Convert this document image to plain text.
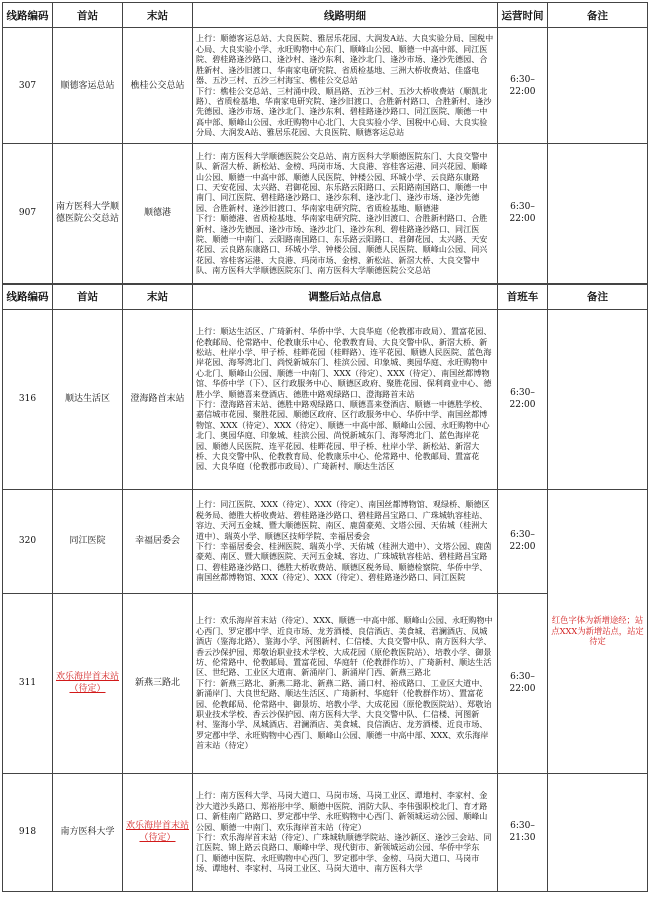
线路编码	首站	末站	线路明细	运营时间	备注
307	顺德客运总站	樵桂公交总站	上行：顺德客运总站、大良医院、雅居乐花园、大润发A站、大良实验分局、国税中心局、大良实验小学、永旺购物中心东门、顺峰山公园、顺德一中高中部、同江医院、碧桂路逢沙路口、逢沙村、逢沙东利、逢沙北门、逢沙市场、逢沙先德园、合胜新村、逢沙旧渡口、华南家电研究院、省质检基地、三洲大桥收费站、佳盛电器、五沙三村、五沙三村海宝、樵桂公交总站

下行：樵桂公交总站、三村涌中段、顺昌路、五沙三村、五沙大桥收费站（顺凯北路）、省质检基地、华南家电研究院、逢沙旧渡口、合胜新村路口、合胜新村、逢沙先德园、逢沙市场、逢沙北门、逢沙东利、碧桂路逢沙路口、同江医院、顺德一中高中部、顺峰山公园、永旺购物中心北门、大良实验小学、国税中心局、大良实验分局、大润发A站、雅居乐花园、大良医院、顺德客运总站	6:30–22:00	
907	南方医科大学顺德医院公交总站	顺德港	上行：南方医科大学顺德医院公交总站、南方医科大学顺德医院东门、大良交警中队、新滘大桥、新松站、金榜、玛岗市场、大良港、容桂客运港、同兴花园、顺峰山公园、顺德一中高中部、顺德人民医院、钟楼公园、环城小学、云良路东康路口、天安花园、太兴路、君御花园、东乐路云阳路口、云阳路南国路口、顺德一中南门、同江医院、碧桂路逢沙路口、逢沙东利、逢沙北门、逢沙市场、逢沙先德园、合胜新村、逢沙旧渡口、华南家电研究院、省质检基地、顺德港

下行：顺德港、省质检基地、华南家电研究院、逢沙旧渡口、合胜新村路口、合胜新村、逢沙先德园、逢沙市场、逢沙北门、逢沙东利、碧桂路逢沙路口、同江医院、顺德一中南门、云阳路南国路口、东乐路云阳路口、君御花园、太兴路、天安花园、云良路东康路口、环城小学、钟楼公园、顺德人民医院、顺峰山公园、同兴花园、容桂客运港、大良港、玛岗市场、金榜、新松站、新滘大桥、大良交警中队、南方医科大学顺德医院东门、南方医科大学顺德医院公交总站	6:30–22:00	
线路编码	首站	末站	调整后站点信息	首班车	备注
316	顺达生活区	澄海路首末站	上行：顺达生活区、广琦新村、华侨中学、大良华庭（伦教郡市政局）、置富花园、伦教邮局、伦常路中、伦教康乐中心、伦教教育局、大良交警中队、新滘大桥、新松站、杜岸小学、甲子桥、桂畔花园（桂畔路）、连平花园、顺德人民医院、蓝色海岸花园、海琴湾北门、尚悦新城东门、桂滨公园、印象城、奥园华庭、永旺购物中心北门、顺峰山公园、顺德一中南门、XXX（待定）、XXX（待定）、南国丝都博物馆、华侨中学（下）、区行政服务中心、顺德区政府、聚胜花园、保利商业中心、德胜小学、顺德喜来登酒店、德胜中路观绿路口、澄海路首末站

下行：澄海路首末站、德胜中路观绿路口、顺德喜来登酒店、顺德一中德胜学校、嘉信城市花园、聚胜花园、顺德区政府、区行政服务中心、华侨中学、南国丝都博物馆、XXX（待定）、XXX（待定）、顺德一中高中部、顺峰山公园、永旺购物中心北门、奥园华庭、印象城、桂滨公园、尚悦新城东门、海琴湾北门、蓝色海岸花园、顺德人民医院、连平花园、桂畔花园、甲子桥、杜岸小学、新松站、新滘大桥、大良交警中队、伦教教育局、伦教康乐中心、伦常路中、伦教邮局、置富花园、大良华庭（伦教郡市政局）、广琦新村、顺达生活区	6:30–22:00	
320	同江医院	幸福居委会	上行：同江医院、XXX（待定）、XXX（待定）、南国丝都博物馆、观绿桥、顺德区税务局、德胜大桥收费站、碧桂路逢沙路口、碧桂路昌宝路口、广珠城轨容桂站、容边、天河五金城、暨大顺德医院、南区、鹿茵豪苑、文塔公园、天佑城（桂洲大道中）、瑞英小学、顺德区技师学院、幸福居委会

下行：幸福居委会、桂洲医院、瑞英小学、天佑城（桂洲大道中）、文塔公园、鹿茵豪苑、南区、暨大顺德医院、天河五金城、容边、广珠城轨容桂站、碧桂路昌宝路口、碧桂路逢沙路口、德胜大桥收费站、顺德区税务局、顺德检察院、华侨中学、南国丝都博物馆、XXX（待定）、XXX（待定）、碧桂路逢沙路口、同江医院	6:30–22:00	红色字体为新增途经；站点XXX为新增站点，站定待定
311	欢乐海岸首末站（待定）	新燕三路北	上行：欢乐海岸首末站（待定）、XXX、顺德一中高中部、顺峰山公园、永旺购物中心西门、罗定郡中学、近良市场、龙芳酒楼、良信酒店、美食城、君澜酒店、凤城酒店（鉴海北路）、鉴海小学、河图新村、仁信楼、大良交警中队、南方医科大学、香云沙保护园、郑敬诒职业技术学校、大成花园（原伦教医院站）、培教小学、御景坊、伦常路中、伦教邮局、置富花园、华庭轩（伦教群作坊）、广琦新村、顺达生活区、世纪路、工业区大道南、新涌岸门、新涌岸门西、新燕三路北

下行：新燕三路北、新燕二路北、新燕二路、涌口村、裕成路口、工业区大道中、新涌岸门、大良世纪路、顺达生活区、广琦新村、华庭轩（伦教群作坊）、置富花园、伦教邮局、伦常路中、御景坊、培教小学、大成花园（原伦教医院站）、郑敬诒职业技术学校、香云沙保护园、南方医科大学、大良交警中队、仁信楼、河图新村、鉴海小学、凤城酒店、君澜酒店、美食城、良信酒店、龙芳酒楼、近良市场、罗定郡中学、永旺购物中心西门、顺峰山公园、顺德一中高中部、XXX、欢乐海岸首末站（待定）	6:30–22:00	
918	南方医科大学	欢乐海岸首末站（待定）	上行：南方医科大学、马岗大道口、马岗市场、马岗工业区、谭地村、李家村、金沙大道沙头路口、郑裕彤中学、顺德中医院、消防大队、李伟强职校北门、育才路口、新桂南广路路口、罗定郡中学、永旺购物中心西门、新领城运动公园、顺峰山公园、顺德一中南门、欢乐海岸首末站（待定）

下行：欢乐海岸首末站（待定）、广珠城轨顺德学院站、逢沙新区、逢沙三会站、同江医院、锦上路云良路口、顺峰中学、现代街市、新领城运动公园、华侨中学东门、顺德中医院、永旺购物中心西门、罗定郡中学、金榜、马岗大道口、马岗市场、谭地村、李家村、马岗工业区、马岗大道中、南方医科大学	6:30–21:30	
